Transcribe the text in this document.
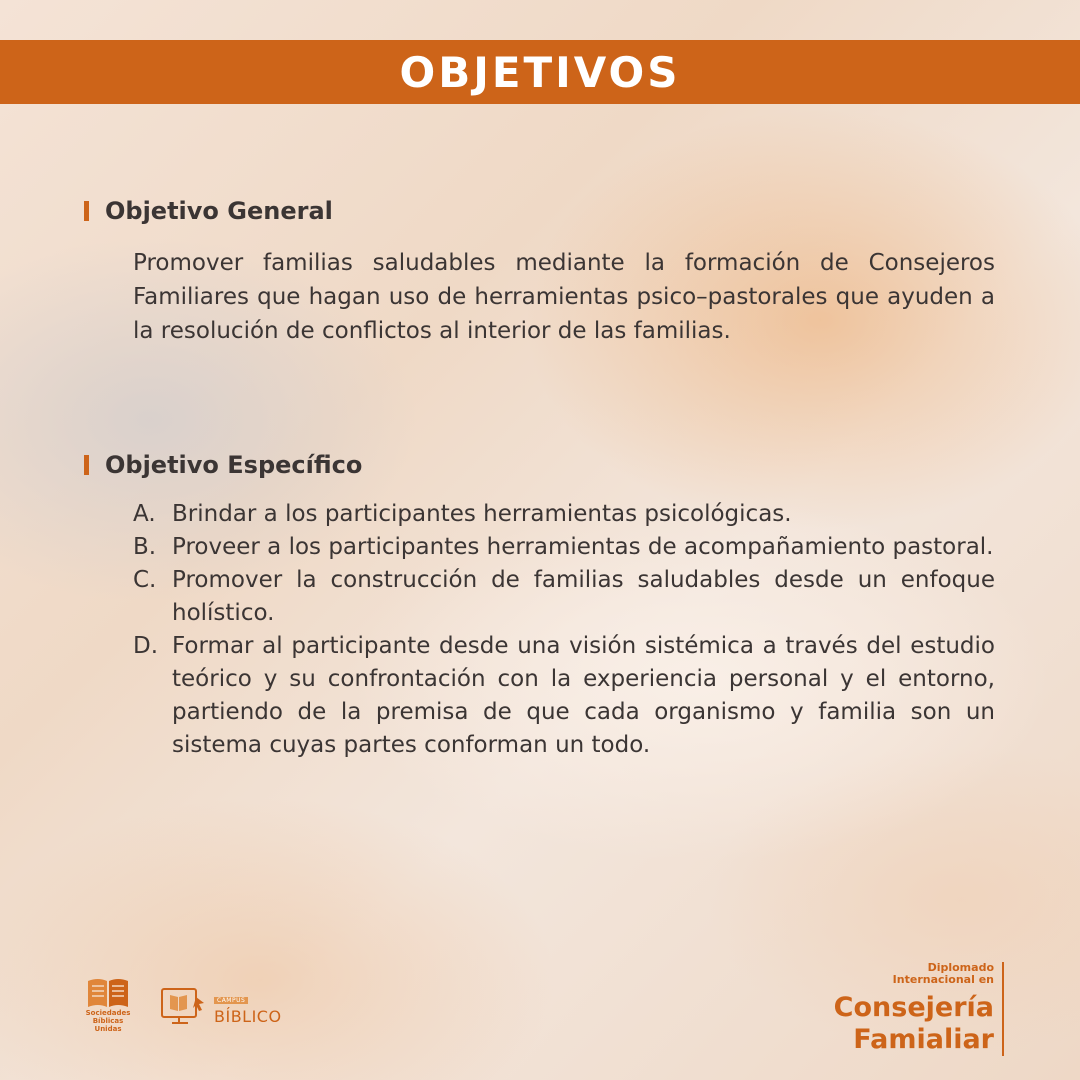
OBJETIVOS
Objetivo General

Promover familias saludables mediante la formación de Consejeros Familiares que hagan uso de herramientas psico–pastorales que ayuden a la resolución de conflictos al interior de las familias.

Objetivo Específico
A. Brindar a los participantes herramientas psicológicas.
B. Proveer a los participantes herramientas de acompañamiento pastoral.
C. Promover la construcción de familias saludables desde un enfoque holístico.
D. Formar al participante desde una visión sistémica a través del estudio teórico y su confrontación con la experiencia personal y el entorno, partiendo de la premisa de que cada organismo y familia son un sistema cuyas partes conforman un todo.
Sociedades
Bíblicas
Unidas
CAMPUS
BÍBLICO
Diplomado
Internacional en
Consejería
Famialiar
